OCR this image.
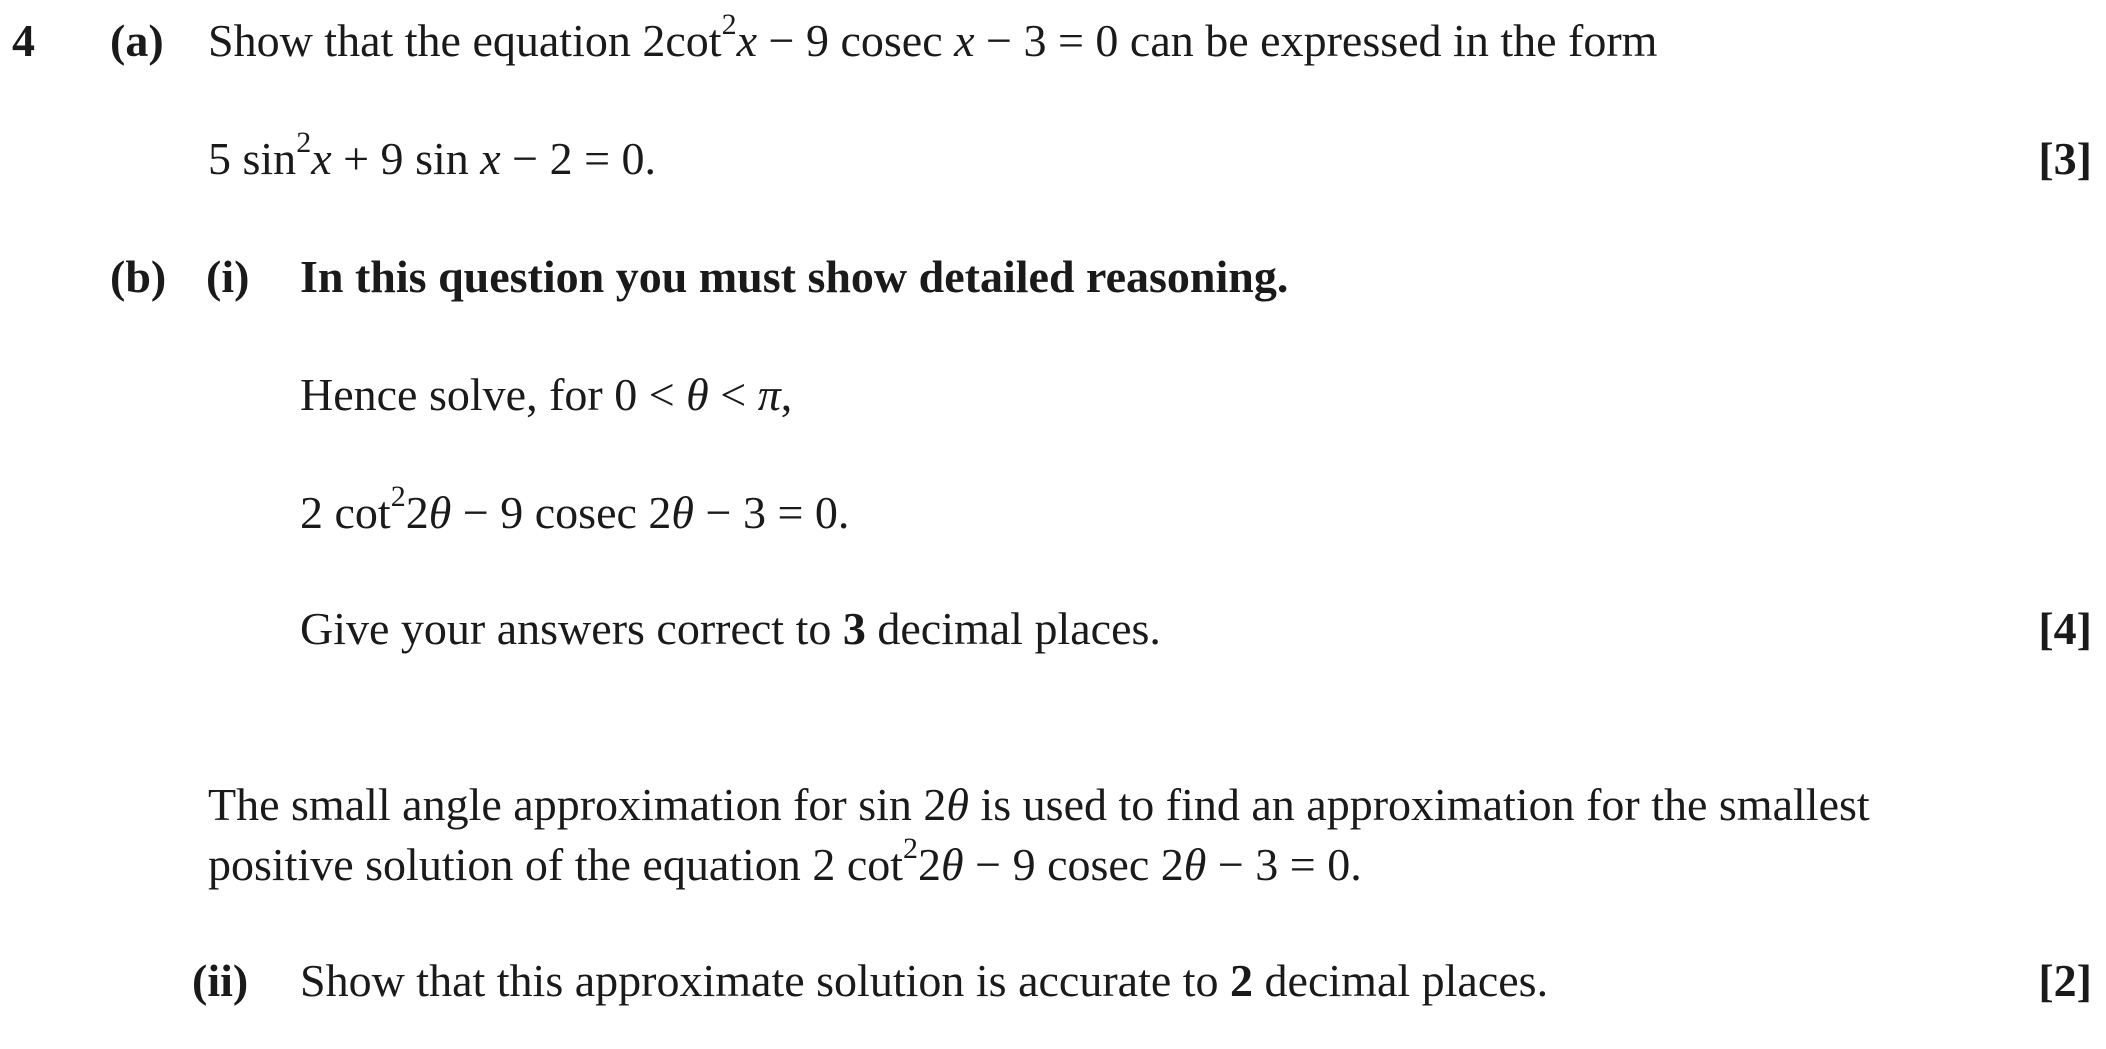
4 (a) Show that the equation $2\cot^2x - 9$ cosec x − 3 = 0 can be expressed in the form
5 $\sin^2x + 9$ sin x − 2 = 0.	[3]
(b) (i) In this question you must show detailed reasoning.
Hence solve, for 0 < θ < π,
2 $\cot^22\theta - 9$ cosec 2θ − 3 = 0.
Give your answers correct to 3 decimal places.	[4]
The small angle approximation for sin 2θ is used to find an approximation for the smallest
positive solution of the equation 2 $\cot^22\theta - 9$ cosec 2θ − 3 = 0.
(ii) Show that this approximate solution is accurate to 2 decimal places.	[2]
